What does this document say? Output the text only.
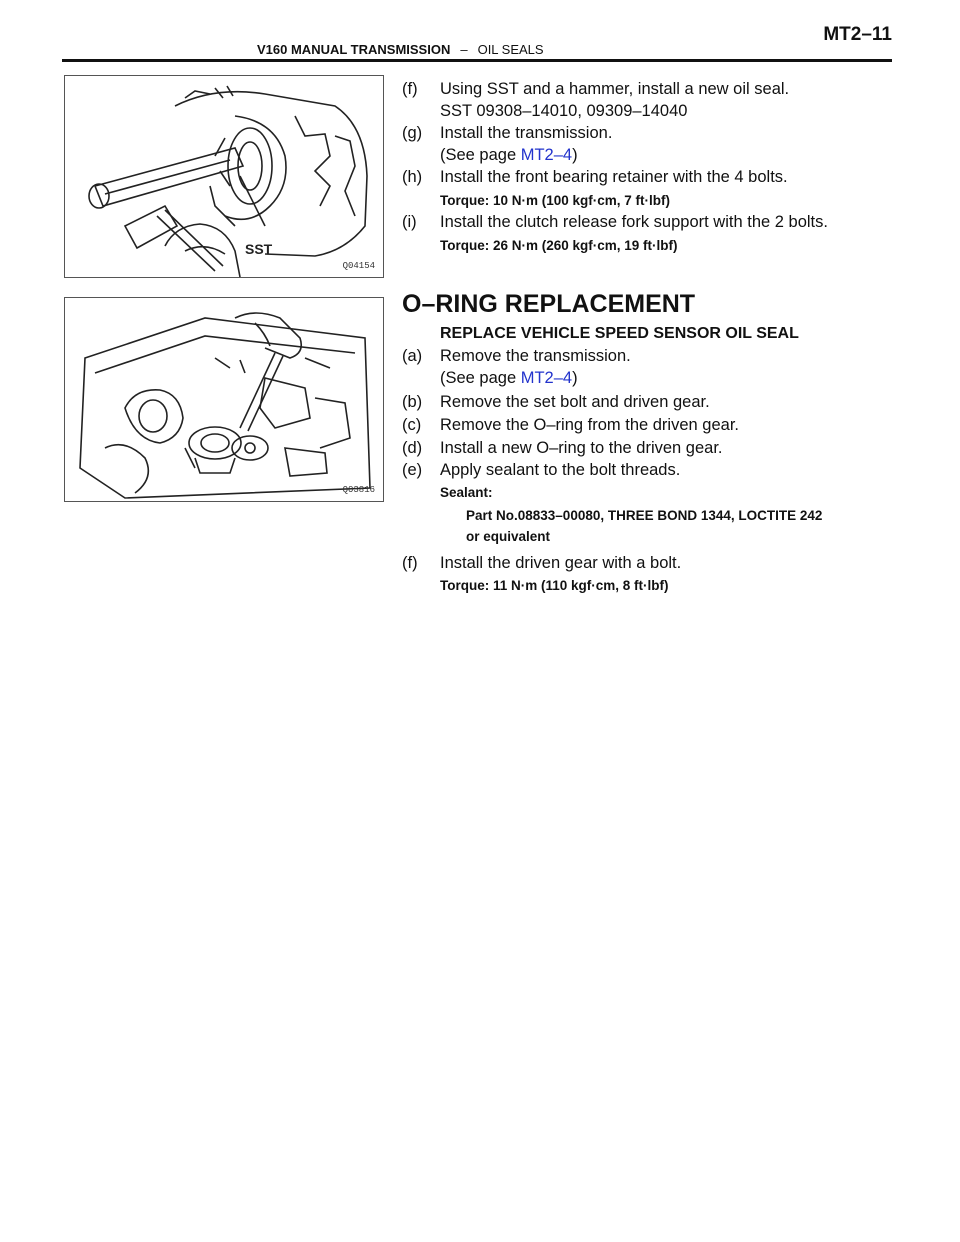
V160 MANUAL TRANSMISSION – OIL SEALS
MT2–11
SST
Q04154
Q03816
(f) Using SST and a hammer, install a new oil seal.
SST 09308–14010, 09309–14040
(g) Install the transmission.
(See page MT2–4)
(h) Install the front bearing retainer with the 4 bolts.
Torque: 10 N·m (100 kgf·cm, 7 ft·lbf)
(i) Install the clutch release fork support with the 2 bolts.
Torque: 26 N·m (260 kgf·cm, 19 ft·lbf)
O–RING REPLACEMENT
REPLACE VEHICLE SPEED SENSOR OIL SEAL
(a) Remove the transmission.
(See page MT2–4)
(b) Remove the set bolt and driven gear.
(c) Remove the O–ring from the driven gear.
(d) Install a new O–ring to the driven gear.
(e) Apply sealant to the bolt threads.
Sealant:
Part No.08833–00080, THREE BOND 1344, LOCTITE 242
or equivalent
(f) Install the driven gear with a bolt.
Torque: 11 N·m (110 kgf·cm, 8 ft·lbf)
